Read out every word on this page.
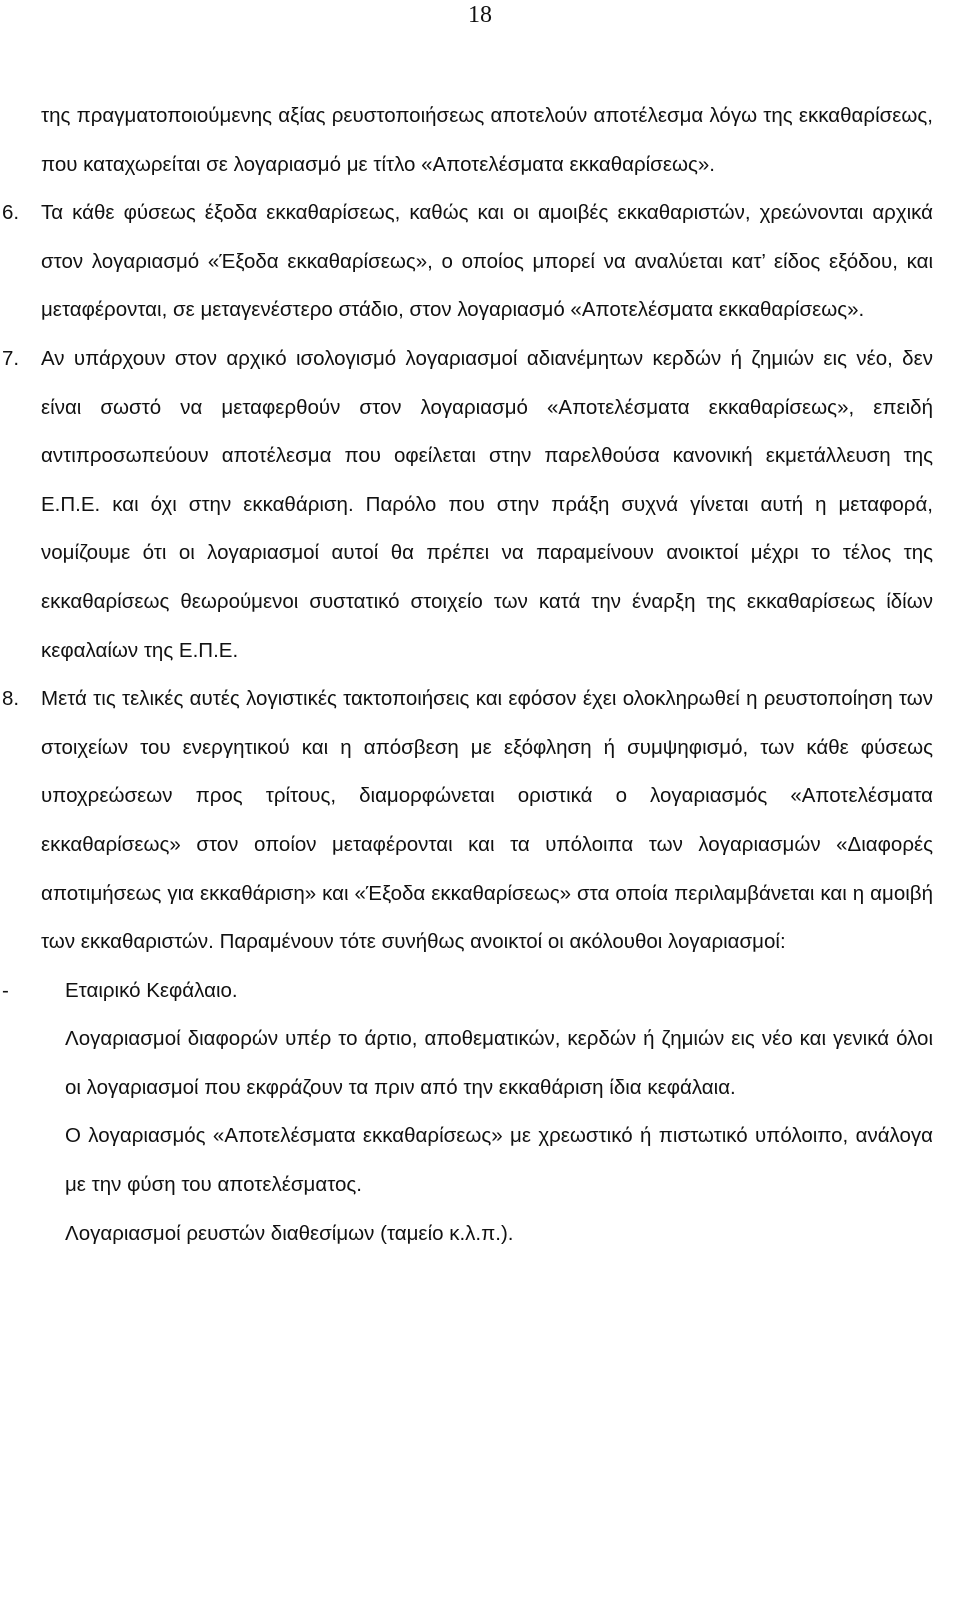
18

της πραγματοποιούμενης αξίας ρευστοποιήσεως αποτελούν αποτέλεσμα λόγω της εκκαθαρίσεως, που καταχωρείται σε λογαριασμό με τίτλο «Αποτελέσματα εκκαθαρίσεως».

6. Τα κάθε φύσεως έξοδα εκκαθαρίσεως, καθώς και οι αμοιβές εκκαθαριστών, χρεώνονται αρχικά στον λογαριασμό «Έξοδα εκκαθαρίσεως», ο οποίος μπορεί να αναλύεται κατ’ είδος εξόδου, και μεταφέρονται, σε μεταγενέστερο στάδιο, στον λογαριασμό «Αποτελέσματα εκκαθαρίσεως».
7. Αν υπάρχουν στον αρχικό ισολογισμό λογαριασμοί αδιανέμητων κερδών ή ζημιών εις νέο, δεν είναι σωστό να μεταφερθούν στον λογαριασμό «Αποτελέσματα εκκαθαρίσεως», επειδή αντιπροσωπεύουν αποτέλεσμα που οφείλεται στην παρελθούσα κανονική εκμετάλλευση της Ε.Π.Ε. και όχι στην εκκαθάριση. Παρόλο που στην πράξη συχνά γίνεται αυτή η μεταφορά, νομίζουμε ότι οι λογαριασμοί αυτοί θα πρέπει να παραμείνουν ανοικτοί μέχρι το τέλος της εκκαθαρίσεως θεωρούμενοι συστατικό στοιχείο των κατά την έναρξη της εκκαθαρίσεως ίδίων κεφαλαίων της Ε.Π.Ε.
8. Μετά τις τελικές αυτές λογιστικές τακτοποιήσεις και εφόσον έχει ολοκληρωθεί η ρευστοποίηση των στοιχείων του ενεργητικού και η απόσβεση με εξόφληση ή συμψηφισμό, των κάθε φύσεως υποχρεώσεων προς τρίτους, διαμορφώνεται οριστικά ο λογαριασμός «Αποτελέσματα εκκαθαρίσεως» στον οποίον μεταφέρονται και τα υπόλοιπα των λογαριασμών «Διαφορές αποτιμήσεως για εκκαθάριση» και «Έξοδα εκκαθαρίσεως» στα οποία περιλαμβάνεται και η αμοιβή των εκκαθαριστών. Παραμένουν τότε συνήθως ανοικτοί οι ακόλουθοι λογαριασμοί:
-	Εταιρικό Κεφάλαιο.
Λογαριασμοί διαφορών υπέρ το άρτιο, αποθεματικών, κερδών ή ζημιών εις νέο και γενικά όλοι οι λογαριασμοί που εκφράζουν τα πριν από την εκκαθάριση ίδια κεφάλαια.
Ο λογαριασμός «Αποτελέσματα εκκαθαρίσεως» με χρεωστικό ή πιστωτικό υπόλοιπο, ανάλογα με την φύση του αποτελέσματος.
Λογαριασμοί ρευστών διαθεσίμων (ταμείο κ.λ.π.).
